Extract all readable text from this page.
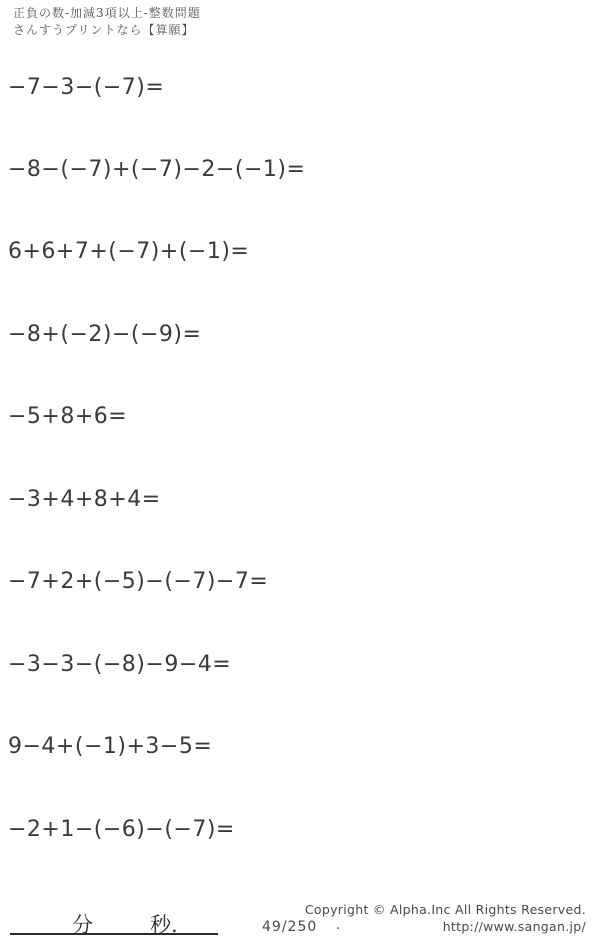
正負の数-加減3項以上-整数問題
さんすうプリントなら【算願】
−7−3−(−7)=
−8−(−7)+(−7)−2−(−1)=
6+6+7+(−7)+(−1)=
−8+(−2)−(−9)=
−5+8+6=
−3+4+8+4=
−7+2+(−5)−(−7)−7=
−3−3−(−8)−9−4=
9−4+(−1)+3−5=
−2+1−(−6)−(−7)=
分	秒.	49/250 .
Copyright © Alpha.Inc All Rights Reserved.
http://www.sangan.jp/
